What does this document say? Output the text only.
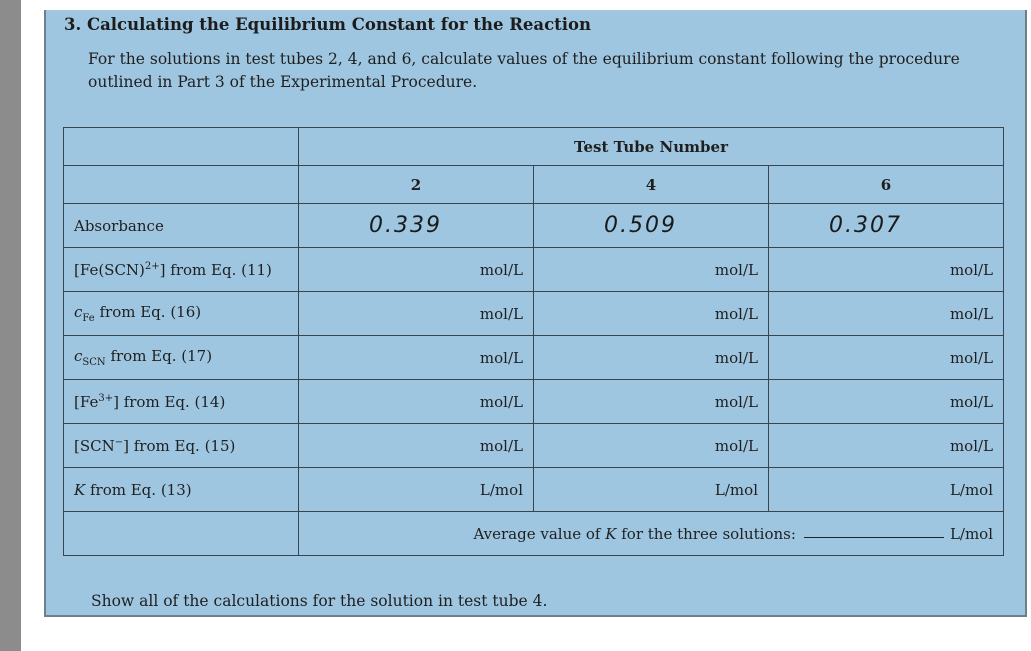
3. Calculating the Equilibrium Constant for the Reaction

For the solutions in test tubes 2, 4, and 6, calculate values of the equilibrium constant following the procedure outlined in Part 3 of the Experimental Procedure.

	Test Tube Number		
	2	4	6
Absorbance	0.339	0.509	0.307
[Fe(SCN)$^{2+}$] from Eq. (11)	mol/L	mol/L	mol/L
$c_{Fe}$ from Eq. (16)	mol/L	mol/L	mol/L
$c_{SCN}$ from Eq. (17)	mol/L	mol/L	mol/L
$[Fe^{3+}]$ from Eq. (14)	mol/L	mol/L	mol/L
[SCN−] from Eq. (15)	mol/L	mol/L	mol/L
K from Eq. (13)	L/mol	L/mol	L/mol
	Average value of K for the three solutions: L/mol		

Show all of the calculations for the solution in test tube 4.
